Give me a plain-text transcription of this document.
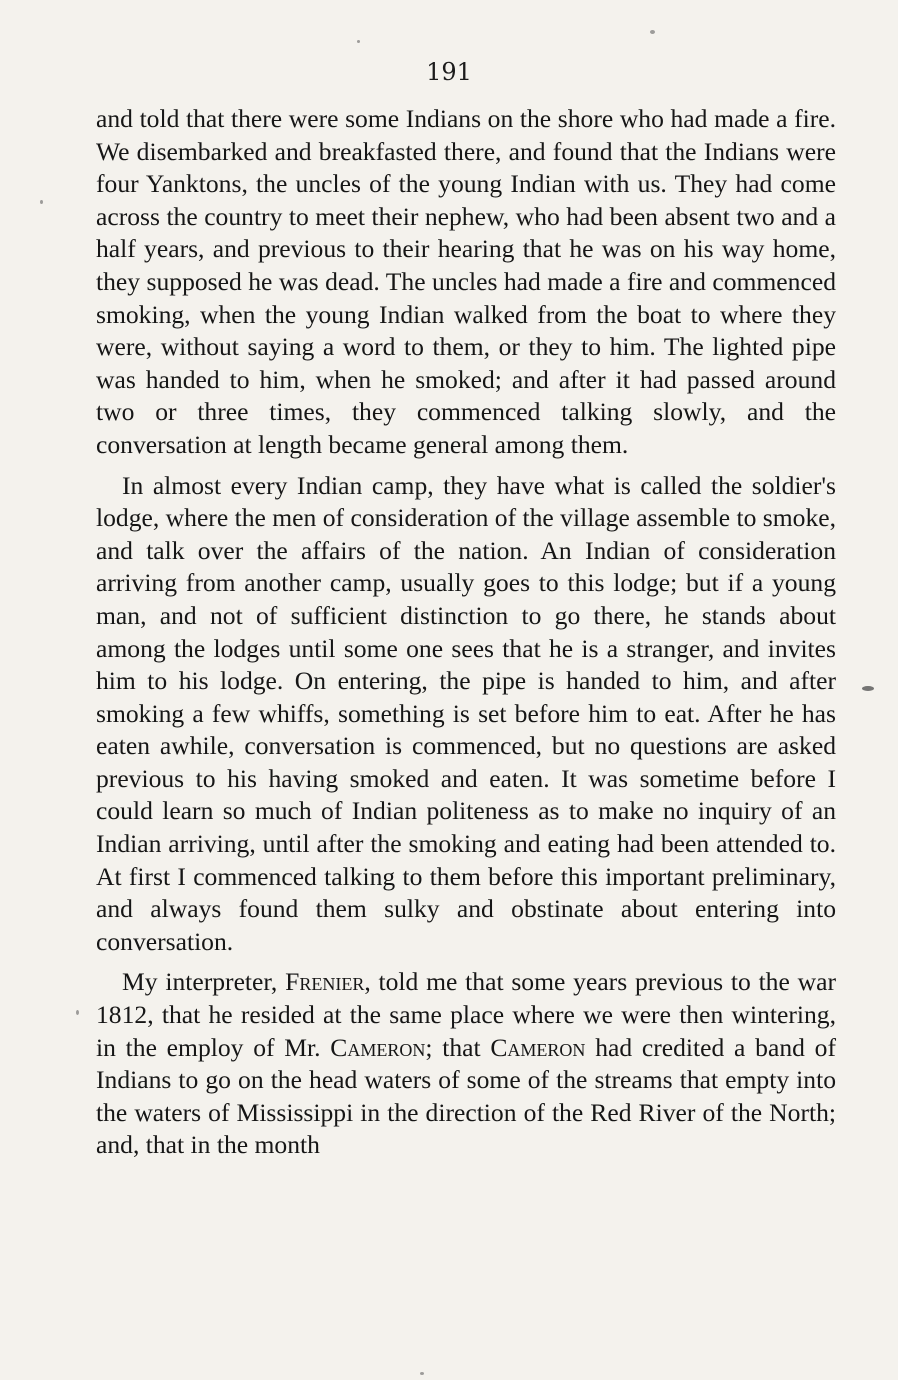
191

and told that there were some Indians on the shore who had made a fire. We disembarked and breakfasted there, and found that the Indians were four Yanktons, the uncles of the young Indian with us. They had come across the country to meet their nephew, who had been absent two and a half years, and previous to their hearing that he was on his way home, they supposed he was dead. The uncles had made a fire and commenced smoking, when the young Indian walked from the boat to where they were, without saying a word to them, or they to him. The lighted pipe was handed to him, when he smoked; and after it had passed around two or three times, they commenced talking slowly, and the conversation at length became general among them.

In almost every Indian camp, they have what is called the soldier's lodge, where the men of consideration of the village assemble to smoke, and talk over the affairs of the nation. An Indian of consideration arriving from another camp, usually goes to this lodge; but if a young man, and not of sufficient distinction to go there, he stands about among the lodges until some one sees that he is a stranger, and invites him to his lodge. On entering, the pipe is handed to him, and after smoking a few whiffs, something is set before him to eat. After he has eaten awhile, conversation is commenced, but no questions are asked previous to his having smoked and eaten. It was sometime before I could learn so much of Indian politeness as to make no inquiry of an Indian arriving, until after the smoking and eating had been attended to. At first I commenced talking to them before this important preliminary, and always found them sulky and obstinate about entering into conversation.

My interpreter, Frenier, told me that some years previous to the war 1812, that he resided at the same place where we were then wintering, in the employ of Mr. Cameron; that Cameron had credited a band of Indians to go on the head waters of some of the streams that empty into the waters of Mississippi in the direction of the Red River of the North; and, that in the month
